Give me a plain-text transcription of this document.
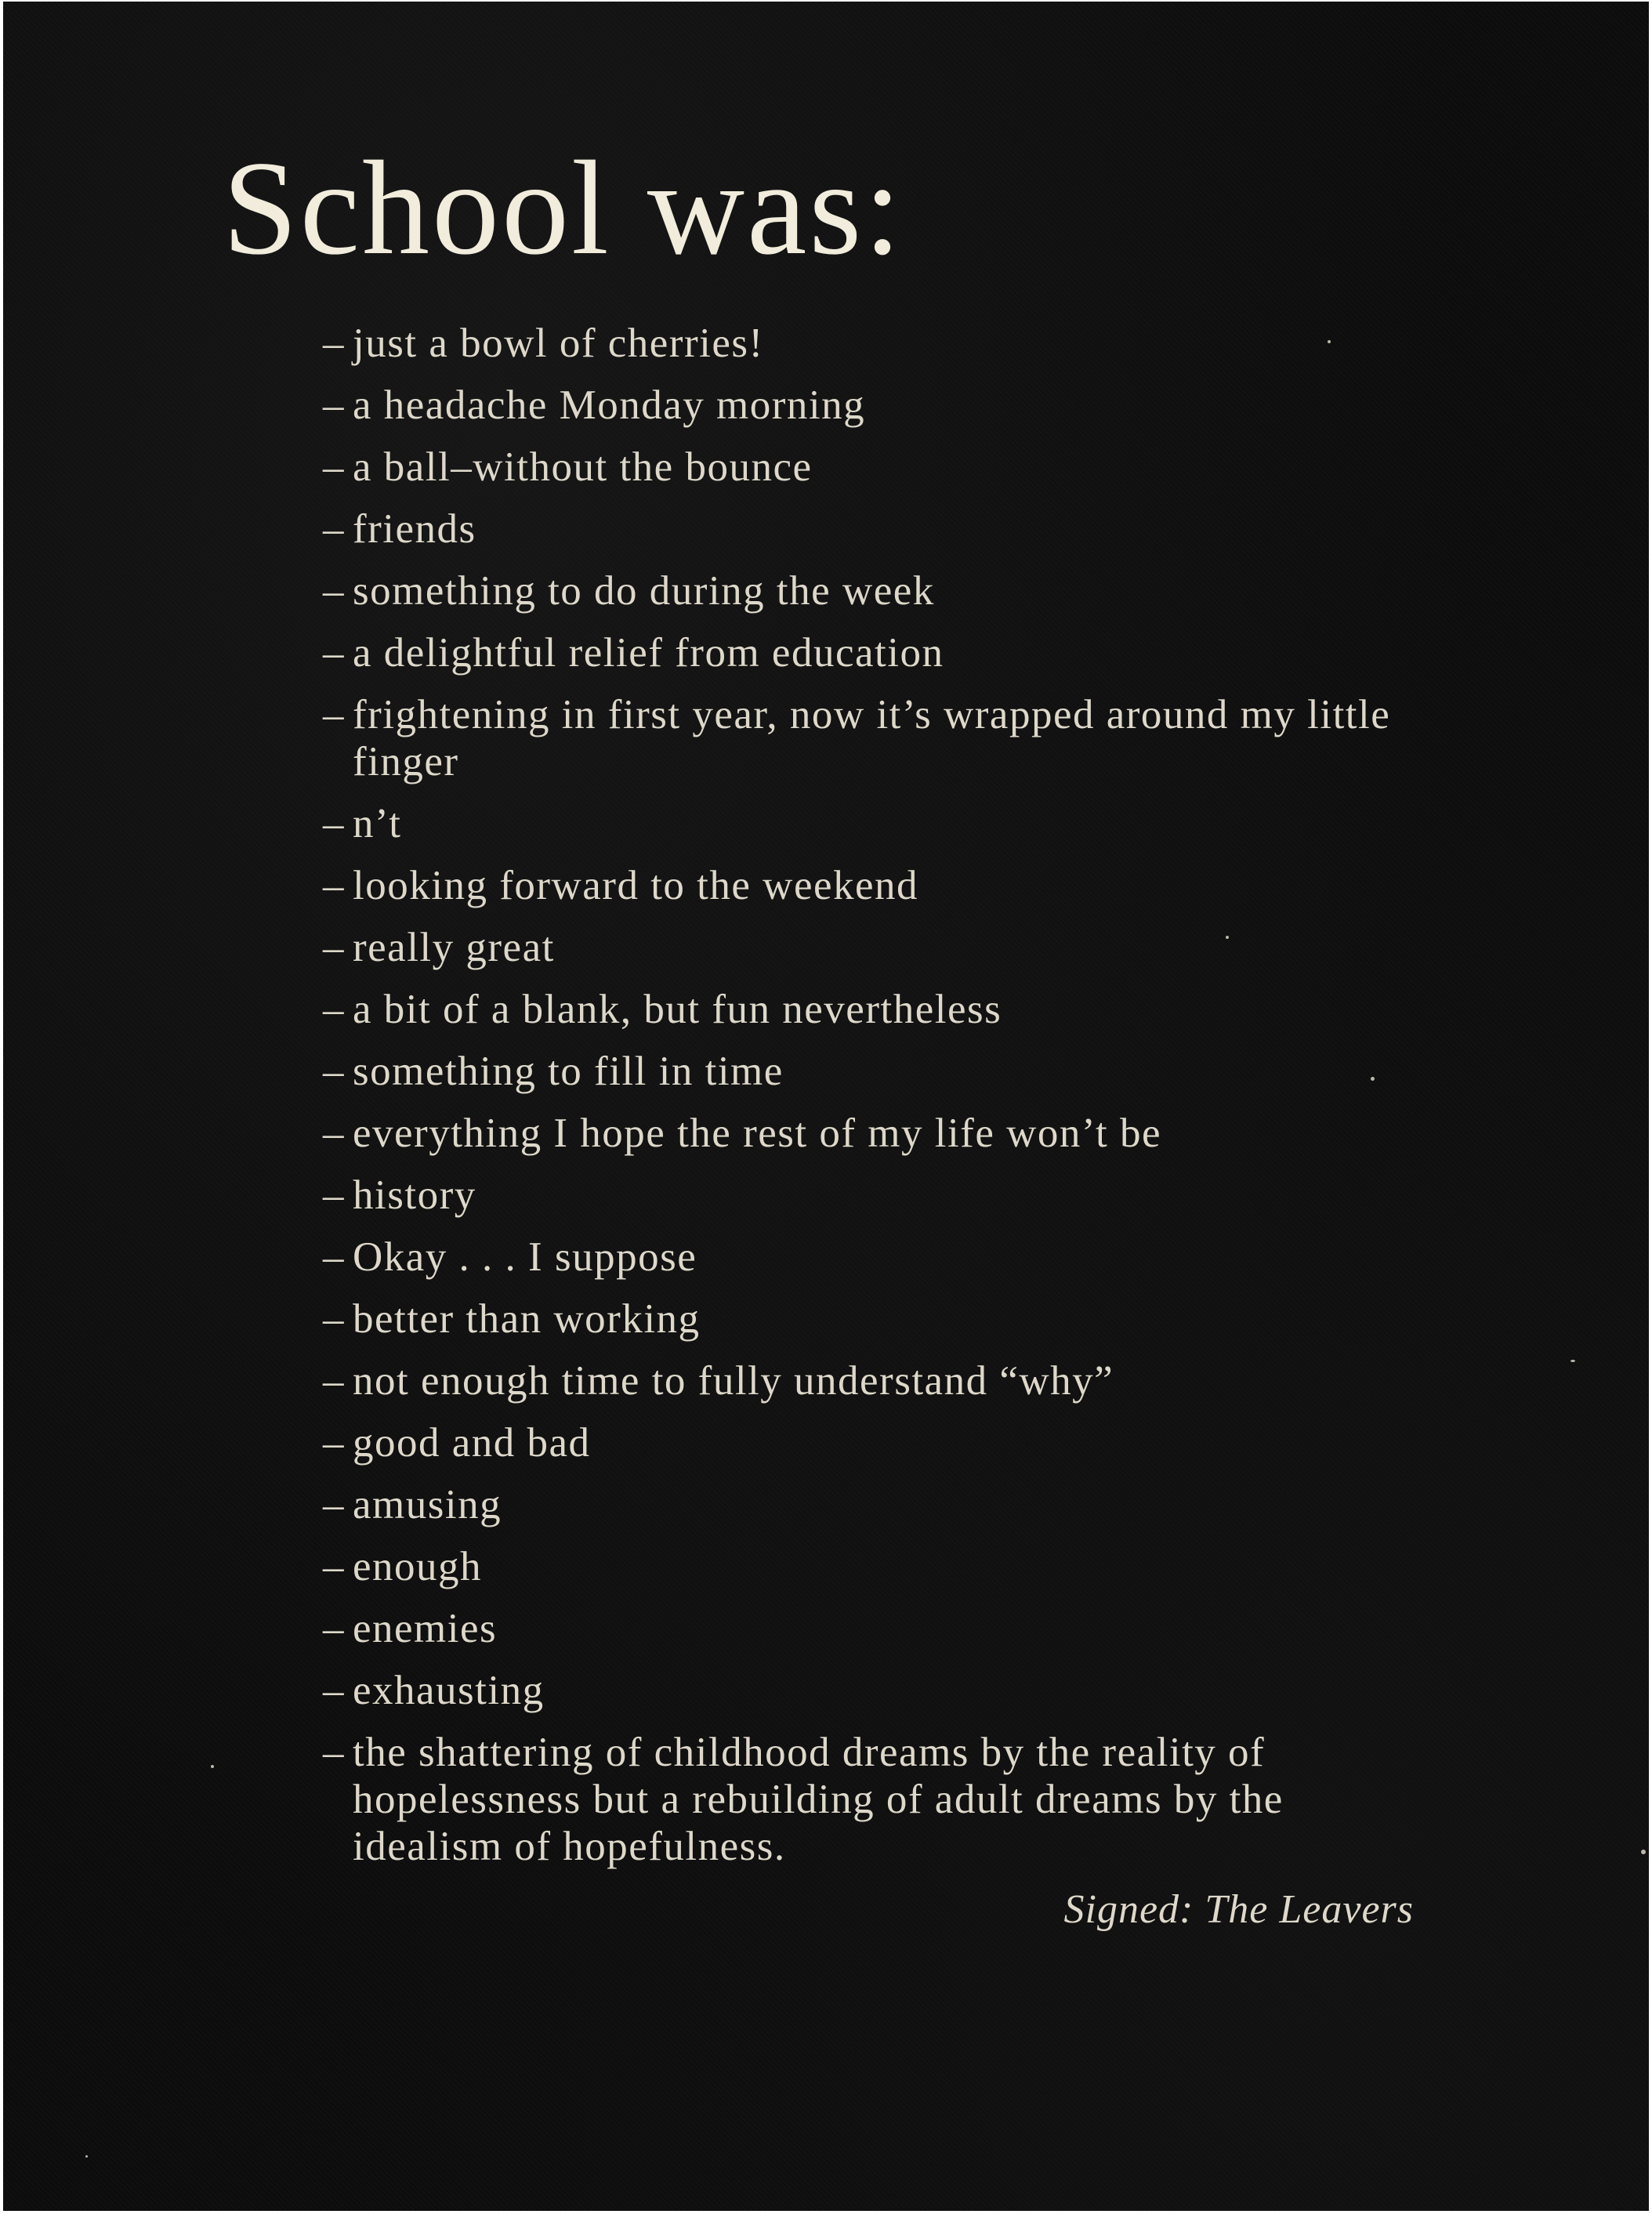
School was:
– just a bowl of cherries!
– a headache Monday morning
– a ball–without the bounce
– friends
– something to do during the week
– a delightful relief from education
– frightening in first year, now it’s wrapped around my little finger
– n’t
– looking forward to the weekend
– really great
– a bit of a blank, but fun nevertheless
– something to fill in time
– everything I hope the rest of my life won’t be
– history
– Okay . . . I suppose
– better than working
– not enough time to fully understand “why”
– good and bad
– amusing
– enough
– enemies
– exhausting
– the shattering of childhood dreams by the reality of hopelessness but a rebuilding of adult dreams by the idealism of hopefulness.

Signed: The Leavers
